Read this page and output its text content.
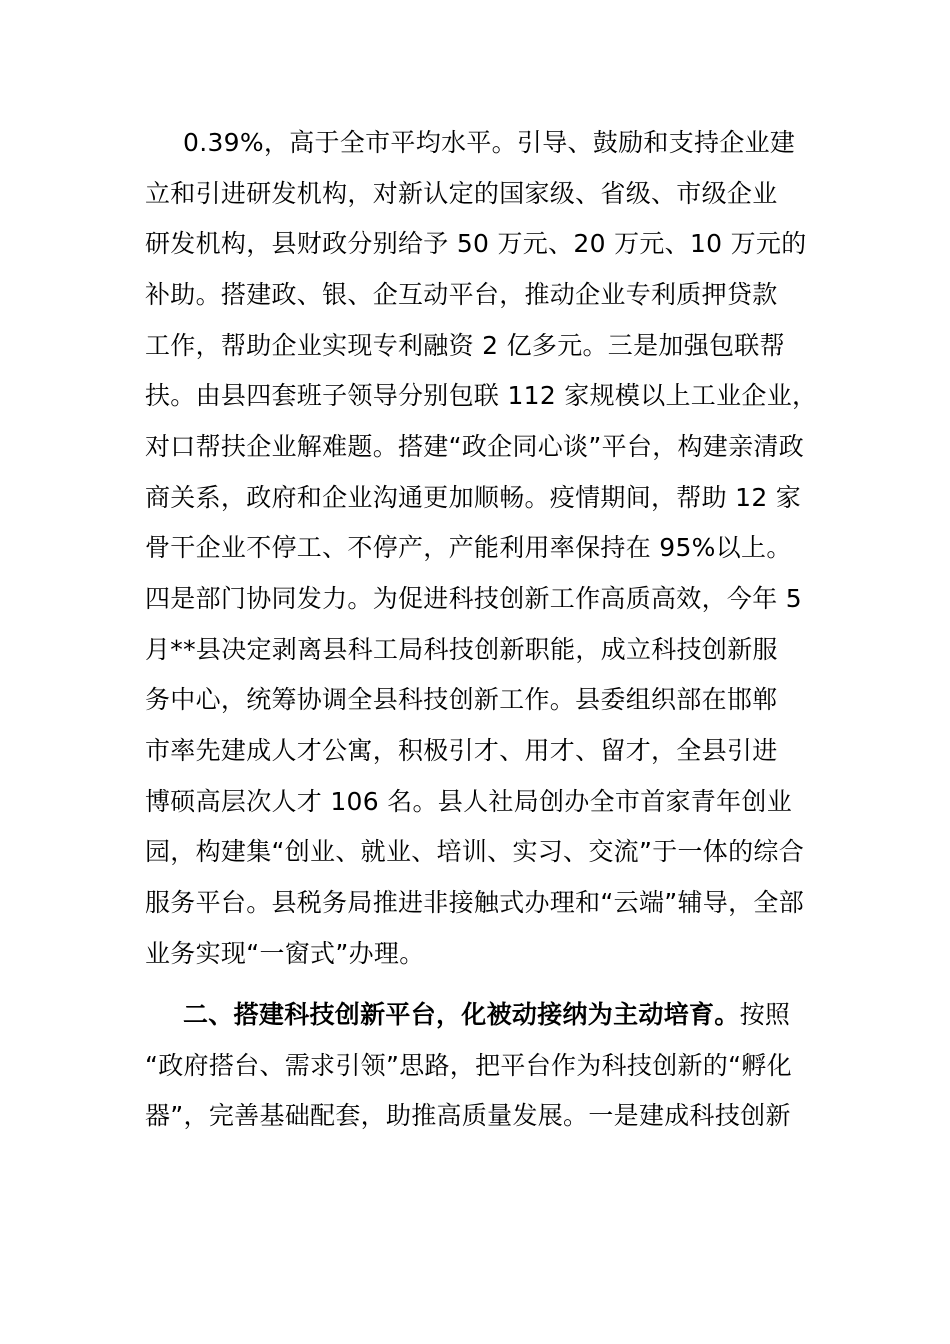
0.39%，高于全市平均水平。引导、鼓励和支持企业建
立和引进研发机构，对新认定的国家级、省级、市级企业
研发机构，县财政分别给予 50 万元、20 万元、10 万元的
补助。搭建政、银、企互动平台，推动企业专利质押贷款
工作，帮助企业实现专利融资 2 亿多元。三是加强包联帮
扶。由县四套班子领导分别包联 112 家规模以上工业企业，
对口帮扶企业解难题。搭建“政企同心谈”平台，构建亲清政
商关系，政府和企业沟通更加顺畅。疫情期间，帮助 12 家
骨干企业不停工、不停产，产能利用率保持在 95%以上。
四是部门协同发力。为促进科技创新工作高质高效，今年 5
月**县决定剥离县科工局科技创新职能，成立科技创新服
务中心，统筹协调全县科技创新工作。县委组织部在邯郸
市率先建成人才公寓，积极引才、用才、留才，全县引进
博硕高层次人才 106 名。县人社局创办全市首家青年创业
园，构建集“创业、就业、培训、实习、交流”于一体的综合
服务平台。县税务局推进非接触式办理和“云端”辅导，全部
业务实现“一窗式”办理。
二、搭建科技创新平台，化被动接纳为主动培育。按照
“政府搭台、需求引领”思路，把平台作为科技创新的“孵化
器”，完善基础配套，助推高质量发展。一是建成科技创新
